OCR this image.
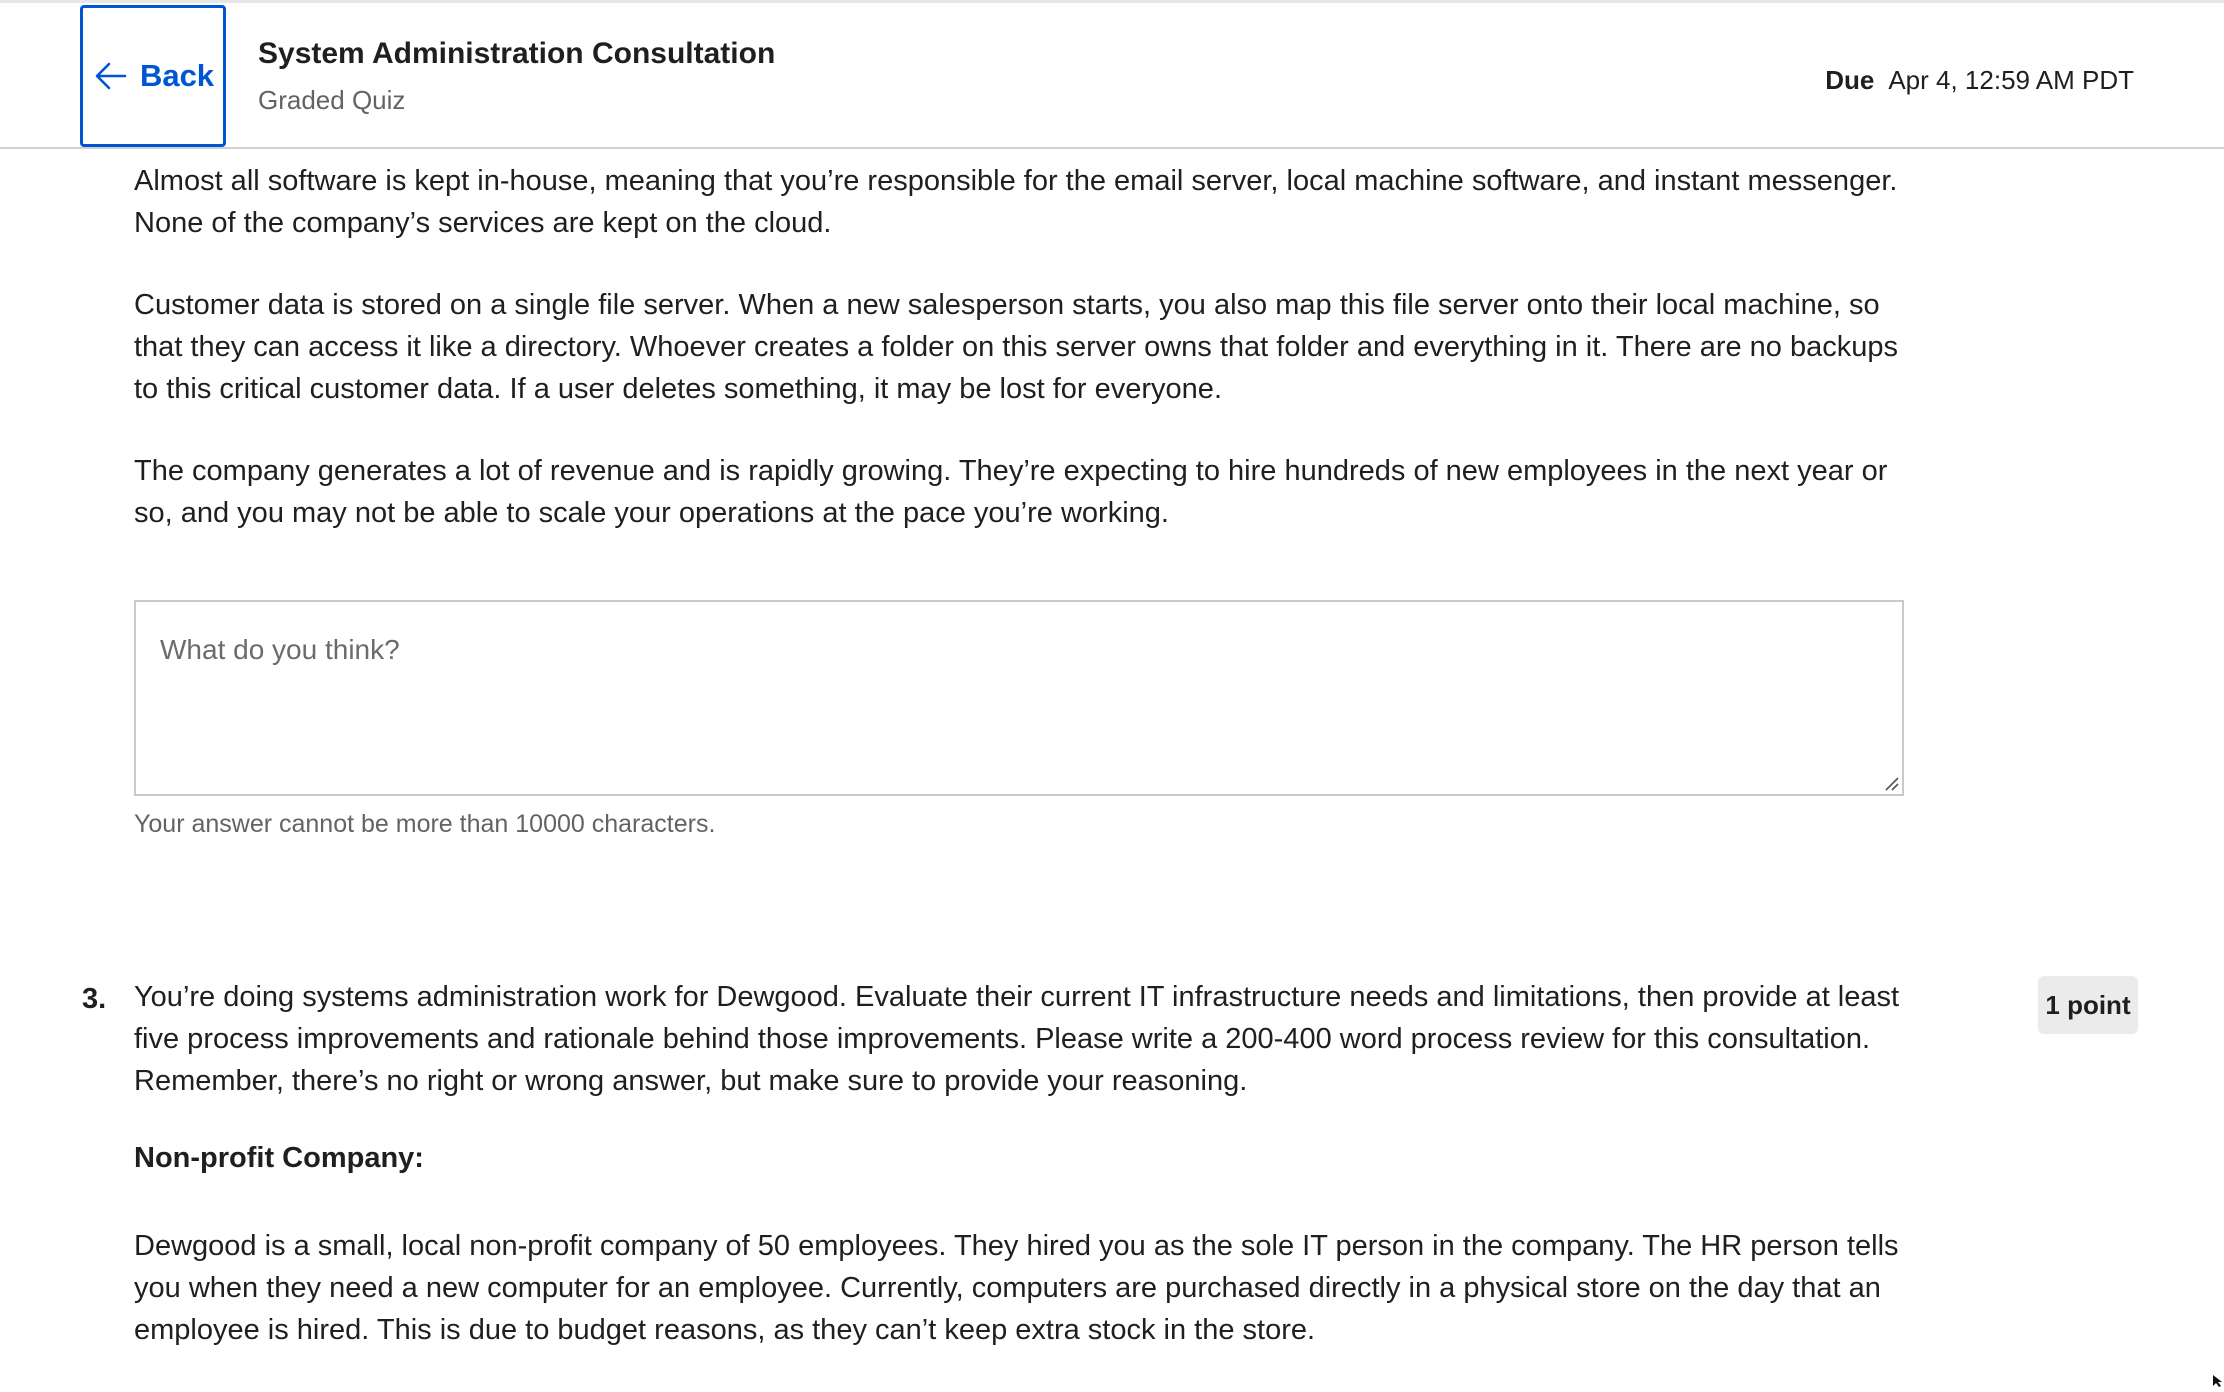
Back
System Administration Consultation
Graded Quiz
Due Apr 4, 12:59 AM PDT

Almost all software is kept in-house, meaning that you’re responsible for the email server, local machine software, and instant messenger. None of the company’s services are kept on the cloud.

Customer data is stored on a single file server. When a new salesperson starts, you also map this file server onto their local machine, so that they can access it like a directory. Whoever creates a folder on this server owns that folder and everything in it. There are no backups to this critical customer data. If a user deletes something, it may be lost for everyone.

The company generates a lot of revenue and is rapidly growing. They’re expecting to hire hundreds of new employees in the next year or so, and you may not be able to scale your operations at the pace you’re working.

What do you think?
Your answer cannot be more than 10000 characters.
3. You’re doing systems administration work for Dewgood. Evaluate their current IT infrastructure needs and limitations, then provide at least five process improvements and rationale behind those improvements. Please write a 200-400 word process review for this consultation. Remember, there’s no right or wrong answer, but make sure to provide your reasoning.

1 point
Non-profit Company:

Dewgood is a small, local non-profit company of 50 employees. They hired you as the sole IT person in the company. The HR person tells you when they need a new computer for an employee. Currently, computers are purchased directly in a physical store on the day that an employee is hired. This is due to budget reasons, as they can’t keep extra stock in the store.
